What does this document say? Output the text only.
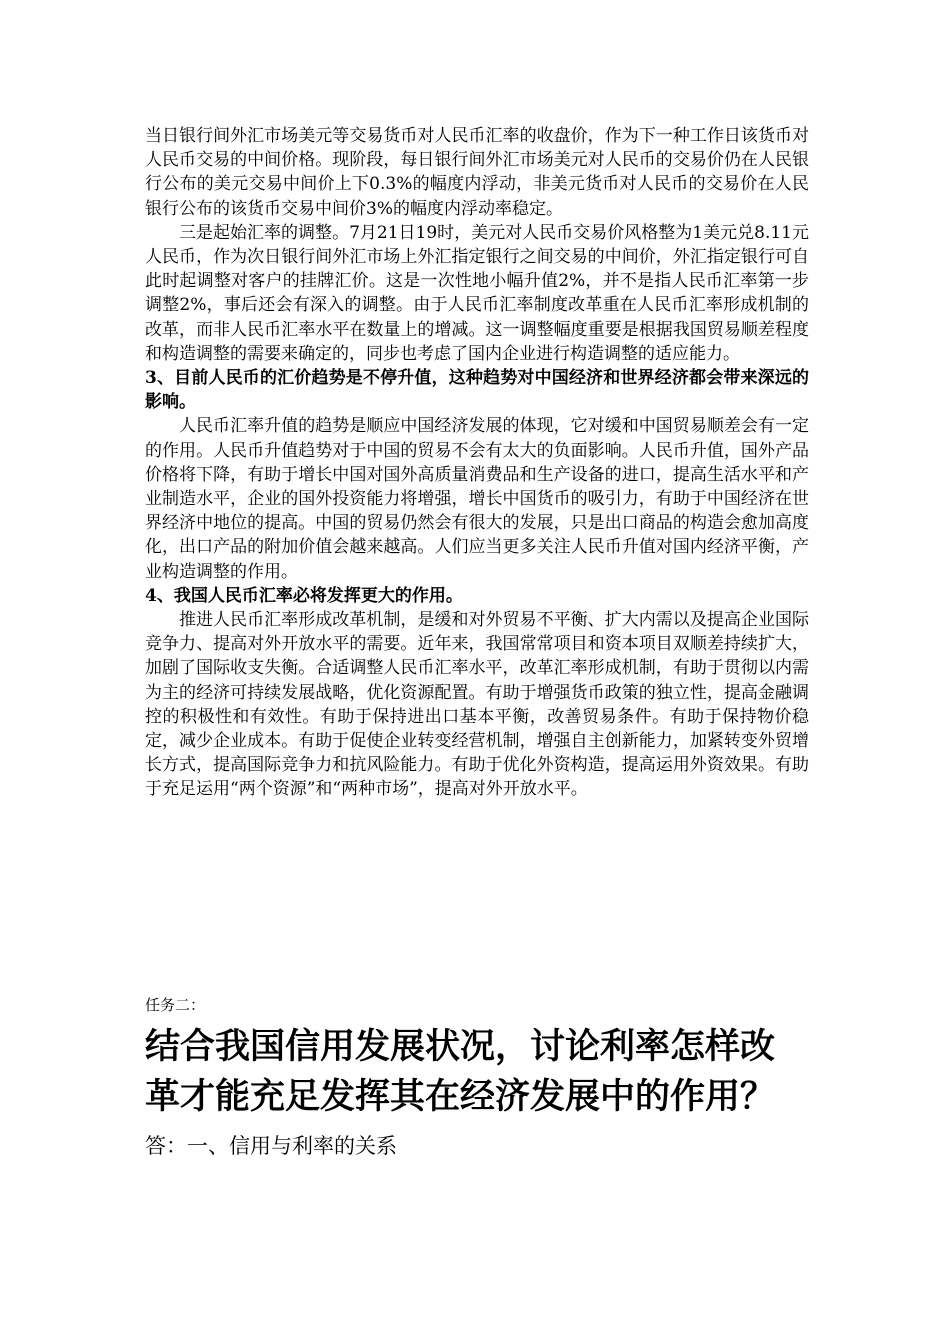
当日银行间外汇市场美元等交易货币对人民币汇率的收盘价，作为下一种工作日该货币对人民币交易的中间价格。现阶段，每日银行间外汇市场美元对人民币的交易价仍在人民银行公布的美元交易中间价上下0.3%的幅度内浮动，非美元货币对人民币的交易价在人民银行公布的该货币交易中间价3%的幅度内浮动率稳定。

三是起始汇率的调整。7月21日19时，美元对人民币交易价风格整为1美元兑8.11元人民币，作为次日银行间外汇市场上外汇指定银行之间交易的中间价，外汇指定银行可自此时起调整对客户的挂牌汇价。这是一次性地小幅升值2%，并不是指人民币汇率第一步调整2%，事后还会有深入的调整。由于人民币汇率制度改革重在人民币汇率形成机制的改革，而非人民币汇率水平在数量上的增减。这一调整幅度重要是根据我国贸易顺差程度和构造调整的需要来确定的，同步也考虑了国内企业进行构造调整的适应能力。

3、目前人民币的汇价趋势是不停升值，这种趋势对中国经济和世界经济都会带来深远的影响。

人民币汇率升值的趋势是顺应中国经济发展的体现，它对缓和中国贸易顺差会有一定的作用。人民币升值趋势对于中国的贸易不会有太大的负面影响。人民币升值，国外产品价格将下降，有助于增长中国对国外高质量消费品和生产设备的进口，提高生活水平和产业制造水平，企业的国外投资能力将增强，增长中国货币的吸引力，有助于中国经济在世界经济中地位的提高。中国的贸易仍然会有很大的发展，只是出口商品的构造会愈加高度化，出口产品的附加价值会越来越高。人们应当更多关注人民币升值对国内经济平衡，产业构造调整的作用。

4、我国人民币汇率必将发挥更大的作用。

推进人民币汇率形成改革机制，是缓和对外贸易不平衡、扩大内需以及提高企业国际竞争力、提高对外开放水平的需要。近年来，我国常常项目和资本项目双顺差持续扩大，加剧了国际收支失衡。合适调整人民币汇率水平，改革汇率形成机制，有助于贯彻以内需为主的经济可持续发展战略，优化资源配置。有助于增强货币政策的独立性，提高金融调控的积极性和有效性。有助于保持进出口基本平衡，改善贸易条件。有助于保持物价稳定，减少企业成本。有助于促使企业转变经营机制，增强自主创新能力，加紧转变外贸增长方式，提高国际竞争力和抗风险能力。有助于优化外资构造，提高运用外资效果。有助于充足运用“两个资源”和“两种市场”，提高对外开放水平。

任务二：
结合我国信用发展状况，讨论利率怎样改革才能充足发挥其在经济发展中的作用？
答：一、信用与利率的关系
